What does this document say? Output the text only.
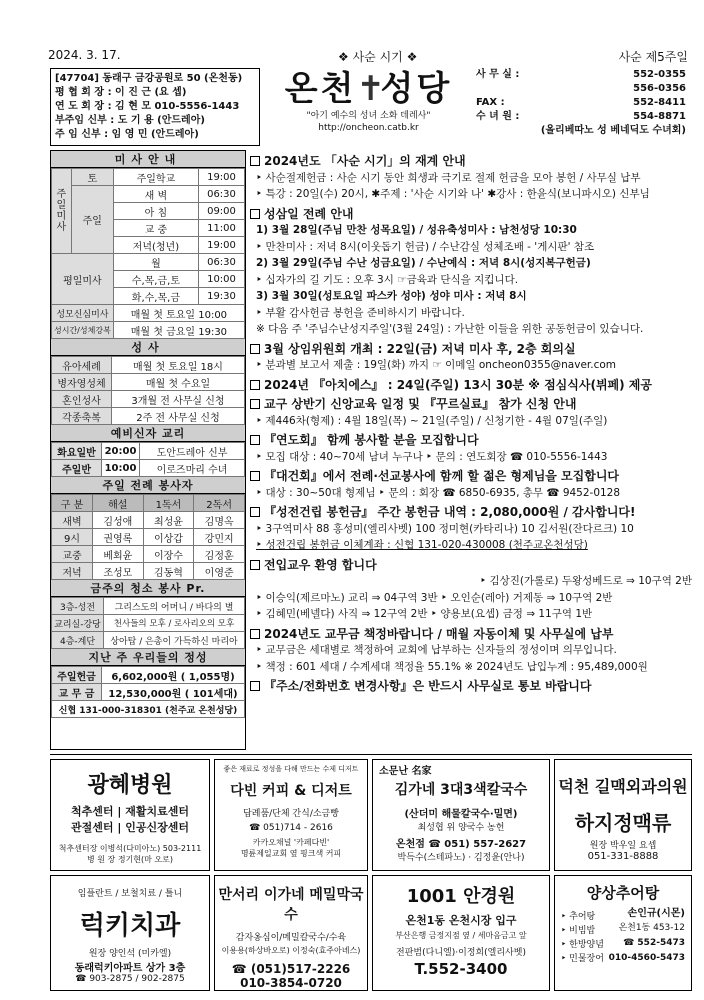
2024. 3. 17.	❖ 사순 시기 ❖	사순 제5주일
[47704] 동래구 금강공원로 50 (온천동)
평 협 회 장 : 이 진 근 (요 셉)
연 도 회 장 : 김 현 모 010-5556-1443
부주임 신부 : 도 기 용 (안드레아)
주 임 신부 : 임 영 민 (안드레아)
온천✝성당
"아기 예수의 성녀 소화 데레사"
http://oncheon.catb.kr
사 무 실 :	552-0355
556-0356
FAX :	552-8411
수 녀 원 :	554-8871
(올리베따노 성 베네딕도 수녀회)
미사안내
주일미사	토	주일학교	19:00
	주일	새 벽	06:30
		아 침	09:00
		교 중	11:00
		저녁(청년)	19:00
평일미사		월	06:30
		수,목,금,토	10:00
		화,수,목,금	19:30
성모신심미사		매월 첫 토요일 10:00	
성시간/성체강복		매월 첫 금요일 19:30	
성사
유아세례	매월 첫 토요일 18시
병자영성체	매월 첫 수요일
혼인성사	3개월 전 사무실 신청
각종축복	2주 전 사무실 신청
예비신자 교리
화요일반	20:00	도안드레아 신부
주일반	10:00	이로즈마리 수녀
주일 전례 봉사자
구 분	해설	1독서	2독서
새벽	김성애	최성윤	김명옥
9시	권영록	이상갑	강민지
교중	베회윤	이장수	김정훈
저녁	조성모	김동혁	이영준
금주의 청소 봉사 Pr.
3층-성전	그리스도의 어머니 / 바다의 별
교리실-강당	천사들의 모후 / 로사리오의 모후
4층-계단	상아탑 / 은총이 가득하신 마리아
지난 주 우리들의 정성
주일헌금	6,602,000원 ( 1,055명)
교 무 금	12,530,000원 ( 101세대)
신협 131-000-318301 (천주교 온천성당)	
2024년도 「사순 시기」의 재계 안내
‣ 사순절제헌금 : 사순 시기 동안 희생과 극기로 절제 헌금을 모아 봉헌 / 사무실 납부
‣ 특강 : 20일(수) 20시, ✱주제 : '사순 시기와 나' ✱강사 : 한윤식(보니파시오) 신부님
성삼일 전례 안내
1) 3월 28일(주님 만찬 성목요일) / 성유축성미사 : 남천성당 10:30
‣ 만찬미사 : 저녁 8시(이웃돕기 헌금) / 수난감실 성체조배 - '게시판' 참조
2) 3월 29일(주님 수난 성금요일) / 수난예식 : 저녁 8시(성지복구헌금)
‣ 십자가의 길 기도 : 오후 3시 ☞금육과 단식을 지킵니다.
3) 3월 30일(성토요일 파스카 성야) 성야 미사 : 저녁 8시
‣ 부활 감사헌금 봉헌을 준비하시기 바랍니다.
※ 다음 주 '주님수난성지주일'(3월 24일) : 가난한 이들을 위한 공동헌금이 있습니다.
3월 상임위원회 개최 : 22일(금) 저녁 미사 후, 2층 회의실
‣ 분과별 보고서 제출 : 19일(화) 까지 ☞ 이메일 oncheon0355@naver.com
2024년 『아치에스』 : 24일(주일) 13시 30분 ※ 점심식사(뷔페) 제공
교구 상반기 신앙교육 일정 및 『꾸르실료』 참가 신청 안내
‣ 제446차(형제) : 4월 18일(목) ~ 21일(주일) / 신청기한 - 4월 07일(주일)
『연도회』 함께 봉사할 분을 모집합니다
‣ 모집 대상 : 40~70세 남녀 누구나 ‣ 문의 : 연도회장 ☎ 010-5556-1443
『대건회』에서 전례·선교봉사에 함께 할 젊은 형제님을 모집합니다
‣ 대상 : 30~50대 형제님 ‣ 문의 : 회장 ☎ 6850-6935, 총무 ☎ 9452-0128
『성전건립 봉헌금』 주간 봉헌금 내역 : 2,080,000원 / 감사합니다!
‣ 3구역미사 88 홍성미(엘리사벳) 100 정미현(카타리나) 10 김서원(잔다르크) 10
‣ 성전건립 봉헌금 이체계좌 : 신협 131-020-430008 (천주교온천성당)
전입교우 환영 합니다
‣ 김상진(가롤로) 두왕성베드로 ⇒ 10구역 2반
‣ 이승익(제르마노) 교리 ⇒ 04구역 3반 ‣ 오인순(레아) 거제동 ⇒ 10구역 2반
‣ 김혜민(베넬다) 사직 ⇒ 12구역 2반 ‣ 양용보(요셉) 금정 ⇒ 11구역 1반
2024년도 교무금 책정바랍니다 / 매월 자동이체 및 사무실에 납부
‣ 교무금은 세대별로 책정하여 교회에 납부하는 신자들의 정성이며 의무입니다.
‣ 책정 : 601 세대 / 수계세대 책정율 55.1% ※ 2024년도 납입누계 : 95,489,000원
『주소/전화번호 변경사항』은 반드시 사무실로 통보 바랍니다
광혜병원
척추센터 | 재활치료센터
관절센터 | 인공신장센터
척추센터장 이병석(다미아노) 503-2111
병 원 장 정기현(마 오로)
좋은 재료로 정성을 다해 만드는 수제 디저트
다빈 커피 & 디저트
답례품/단체 간식/소금빵
☎ 051)714 - 2616
카카오채널 '카페다빈'
명륜제일교회 옆 핑크색 커피
소문난 名家
김가네 3대3색칼국수
(산더미 해물칼국수·밀면)
최성협 위 양국수 농헌
온천점 ☎ 051) 557-2627
박득수(스테파노) · 김정윤(안나)
덕천 길맥외과의원
하지정맥류
원장 박우일 요셉
051-331-8888
임플란트 / 보철치료 / 틀니
럭키치과
원장 양인석 (미카엘)
동래럭키아파트 상가 3층
☎ 903-2875 / 902-2875
만서리 이가네 메밀막국수
감자옹심이/메밀칼국수/수육
이용용(하상바오로) 이정숙(효주아녜스)
☎ (051)517-2226
010-3854-0720
1001 안경원
온천1동 온천시장 입구
부산은행 금정지점 옆 / 세마음금고 앞
전판범(다니엘)·이정희(엘리사벳)
T.552-3400
양상추어탕
‣ 추어탕
‣ 비빔밥
‣ 한방양념
‣ 민물장어
손인규(시몬)
온천1동 453-12
☎ 552-5473
010-4560-5473
